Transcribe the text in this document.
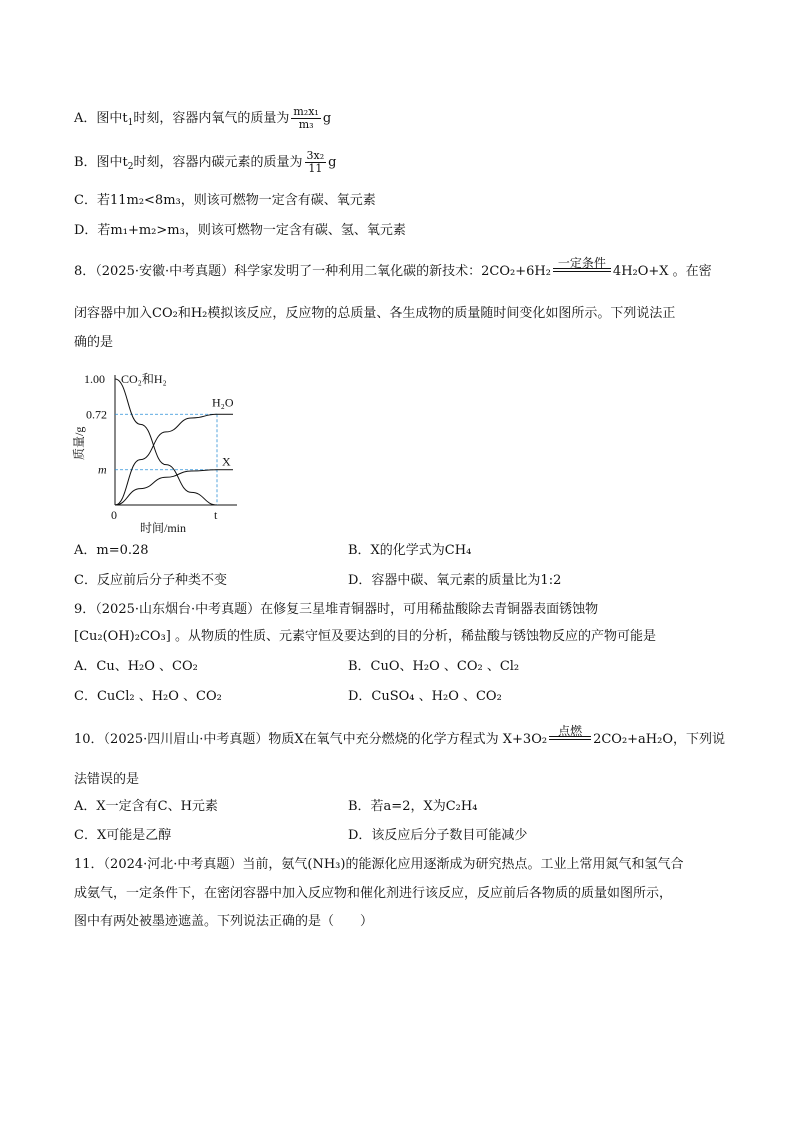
A．图中$t_1$时刻，容器内氧气的质量为 $\frac{\text{m₂x₁}}{\text{m₃}}$ g
B．图中$t_2$时刻，容器内碳元素的质量为 $\frac{\text{3x₂}}{11}$ g
C．若11m₂<8m₃，则该可燃物一定含有碳、氧元素
D．若m₁+m₂>m₃，则该可燃物一定含有碳、氢、氧元素
8．（2025·安徽·中考真题）科学家发明了一种利用二氧化碳的新技术：2CO₂+6H₂
一定条件
4H₂O+X 。在密
闭容器中加入CO₂和H₂模拟该反应，反应物的总质量、各生成物的质量随时间变化如图所示。下列说法正
确的是
1.00
0.72
m
0	t
时间/min
质量/g
CO₂和H₂
H₂O
X
A．m=0.28	B．X的化学式为CH₄
C．反应前后分子种类不变	D．容器中碳、氧元素的质量比为1:2
9．（2025·山东烟台·中考真题）在修复三星堆青铜器时，可用稀盐酸除去青铜器表面锈蚀物
[Cu₂(OH)₂CO₃] 。从物质的性质、元素守恒及要达到的目的分析，稀盐酸与锈蚀物反应的产物可能是
A．Cu、H₂O 、CO₂	B．CuO、H₂O 、CO₂ 、Cl₂
C．CuCl₂ 、H₂O 、CO₂	D．CuSO₄ 、H₂O 、CO₂
10．（2025·四川眉山·中考真题）物质X在氧气中充分燃烧的化学方程式为 X+3O₂
点燃
2CO₂+aH₂O，下列说
法错误的是
A．X一定含有C、H元素	B．若a=2，X为C₂H₄
C．X可能是乙醇	D．该反应后分子数目可能减少
11．（2024·河北·中考真题）当前，氨气(NH₃)的能源化应用逐渐成为研究热点。工业上常用氮气和氢气合
成氨气，一定条件下，在密闭容器中加入反应物和催化剂进行该反应，反应前后各物质的质量如图所示，
图中有两处被墨迹遮盖。下列说法正确的是（　　）
